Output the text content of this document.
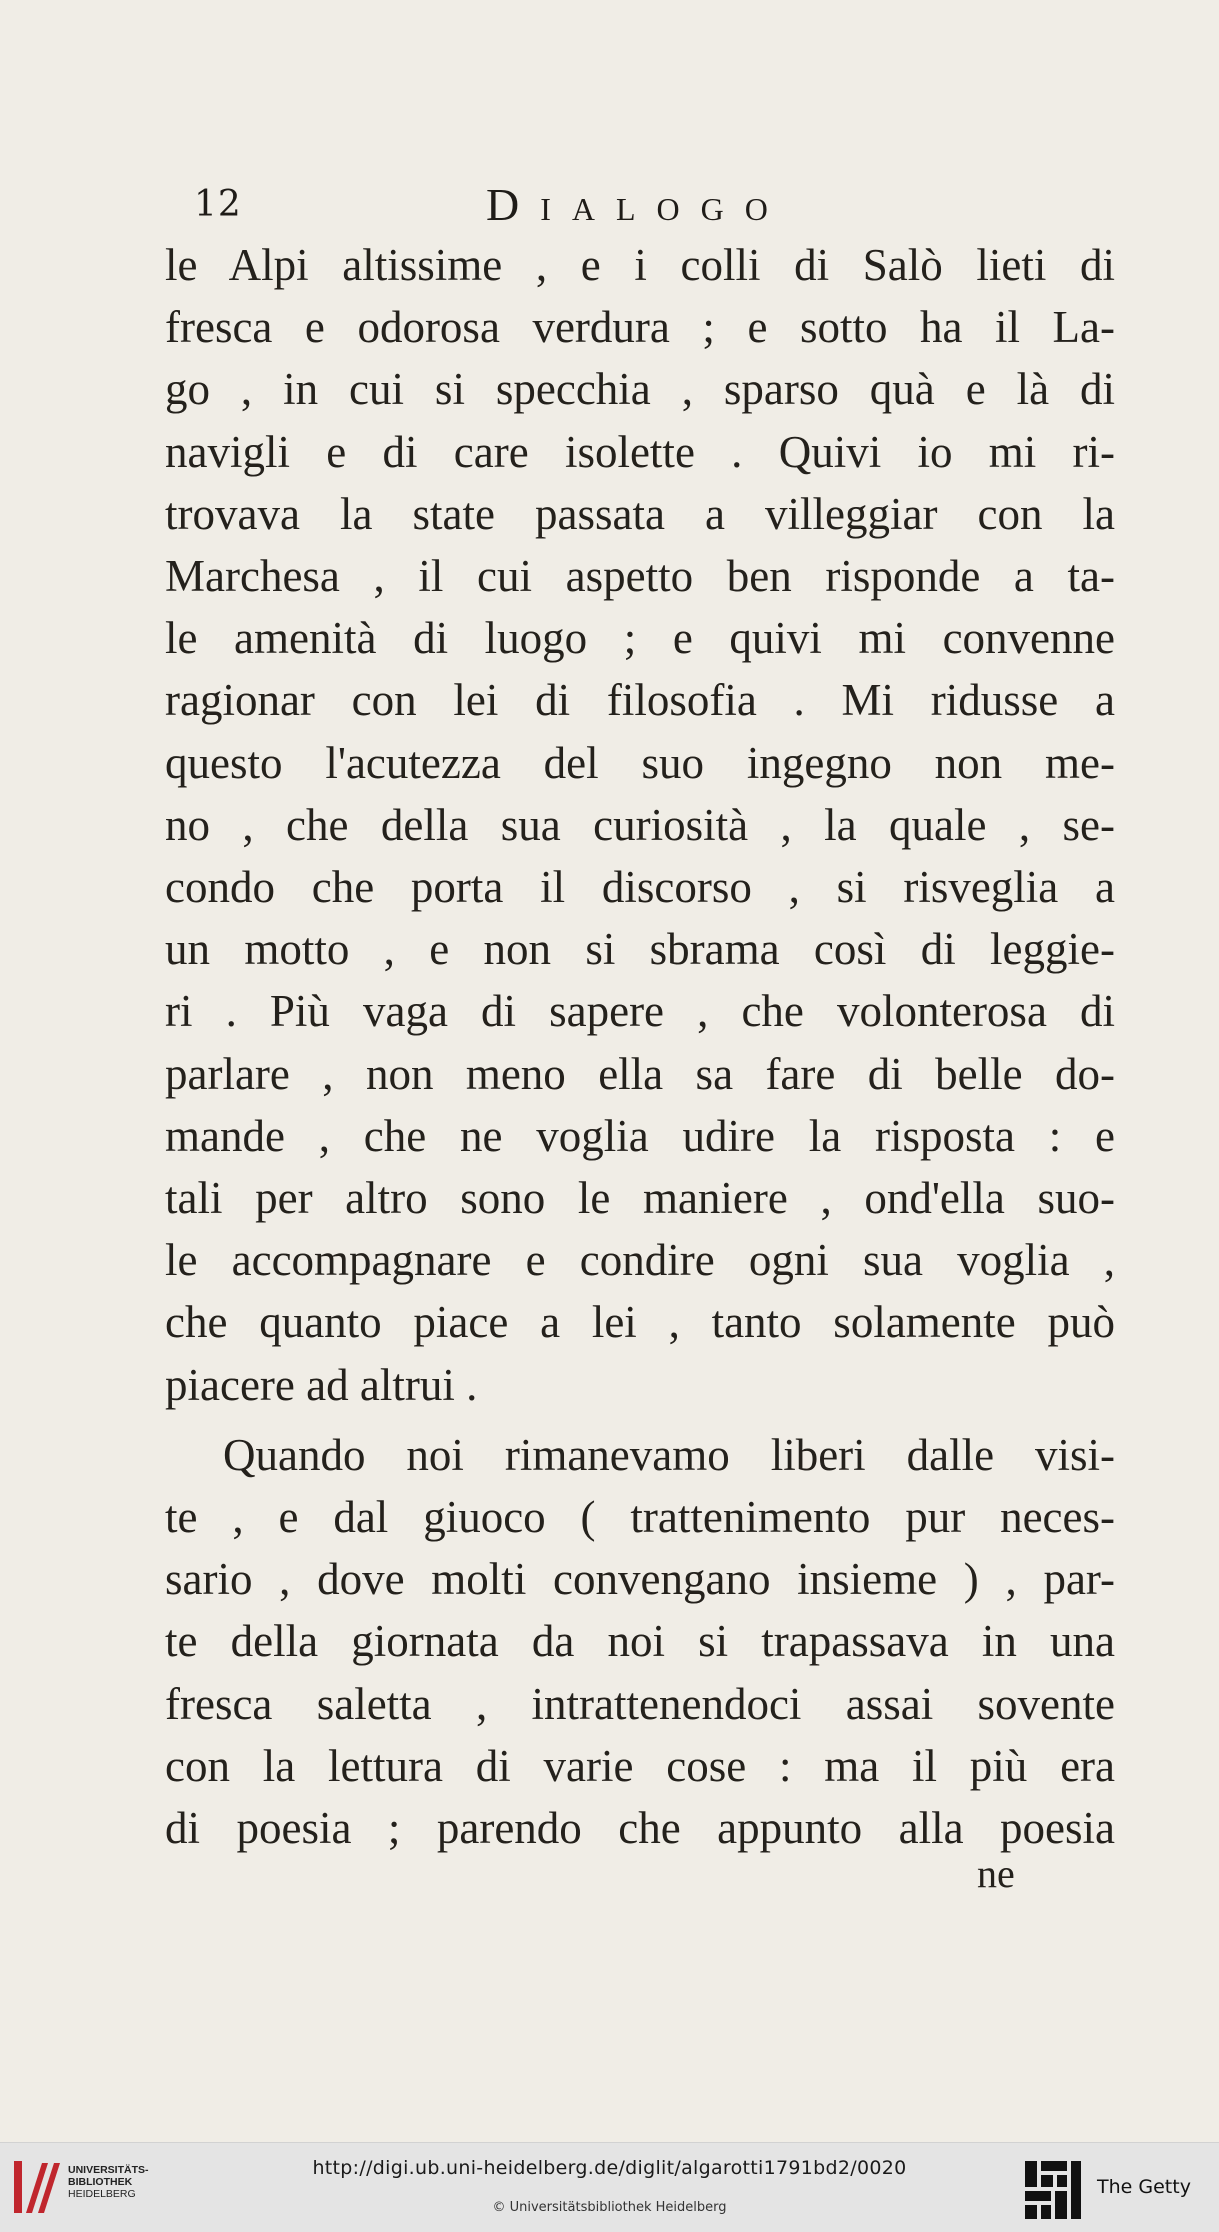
12	Dialogo
le Alpi altissime , e i colli di Salò lieti di
fresca e odorosa verdura ; e sotto ha il La-
go , in cui si specchia , sparso quà e là di
navigli e di care isolette . Quivi io mi ri-
trovava la state passata a villeggiar con la
Marchesa , il cui aspetto ben risponde a ta-
le amenità di luogo ; e quivi mi convenne
ragionar con lei di filosofia . Mi ridusse a
questo l'acutezza del suo ingegno non me-
no , che della sua curiosità , la quale , se-
condo che porta il discorso , si risveglia a
un motto , e non si sbrama così di leggie-
ri . Più vaga di sapere , che volonterosa di
parlare , non meno ella sa fare di belle do-
mande , che ne voglia udire la risposta : e
tali per altro sono le maniere , ond'ella suo-
le accompagnare e condire ogni sua voglia ,
che quanto piace a lei , tanto solamente può
piacere ad altrui .
Quando noi rimanevamo liberi dalle visi-
te , e dal giuoco ( trattenimento pur neces-
sario , dove molti convengano insieme ) , par-
te della giornata da noi si trapassava in una
fresca saletta , intrattenendoci assai sovente
con la lettura di varie cose : ma il più era
di poesia ; parendo che appunto alla poesia
ne
UNIVERSITÄTS-
BIBLIOTHEK
HEIDELBERG
http://digi.ub.uni-heidelberg.de/diglit/algarotti1791bd2/0020
© Universitätsbibliothek Heidelberg
The Getty
